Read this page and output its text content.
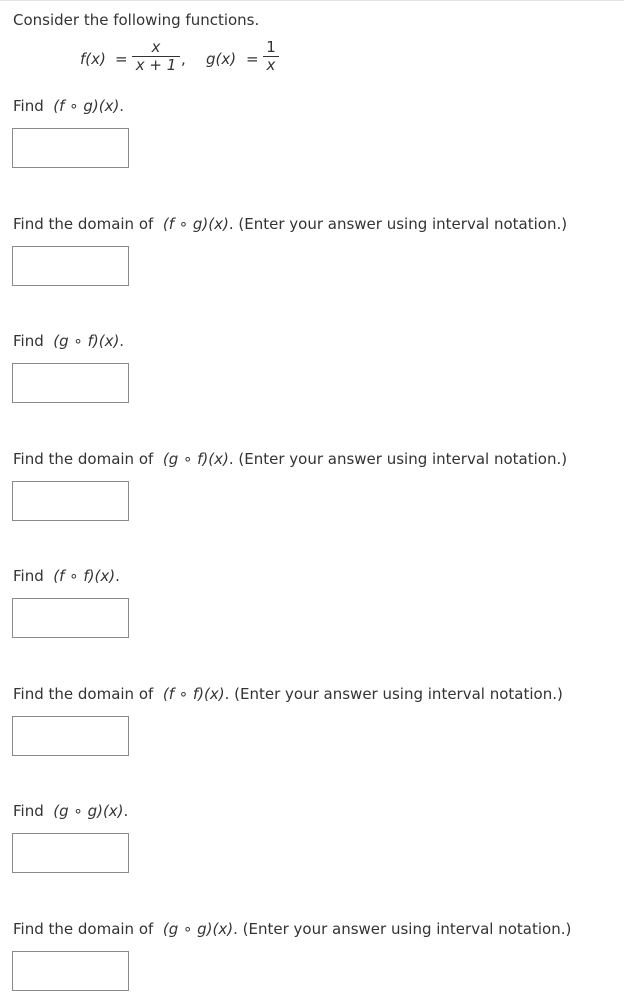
Consider the following functions.
f(x) =
x
x + 1 , g(x) =
1
x
Find (f ∘ g)(x).
Find the domain of (f ∘ g)(x). (Enter your answer using interval notation.)
Find (g ∘ f)(x).
Find the domain of (g ∘ f)(x). (Enter your answer using interval notation.)
Find (f ∘ f)(x).
Find the domain of (f ∘ f)(x). (Enter your answer using interval notation.)
Find (g ∘ g)(x).
Find the domain of (g ∘ g)(x). (Enter your answer using interval notation.)
